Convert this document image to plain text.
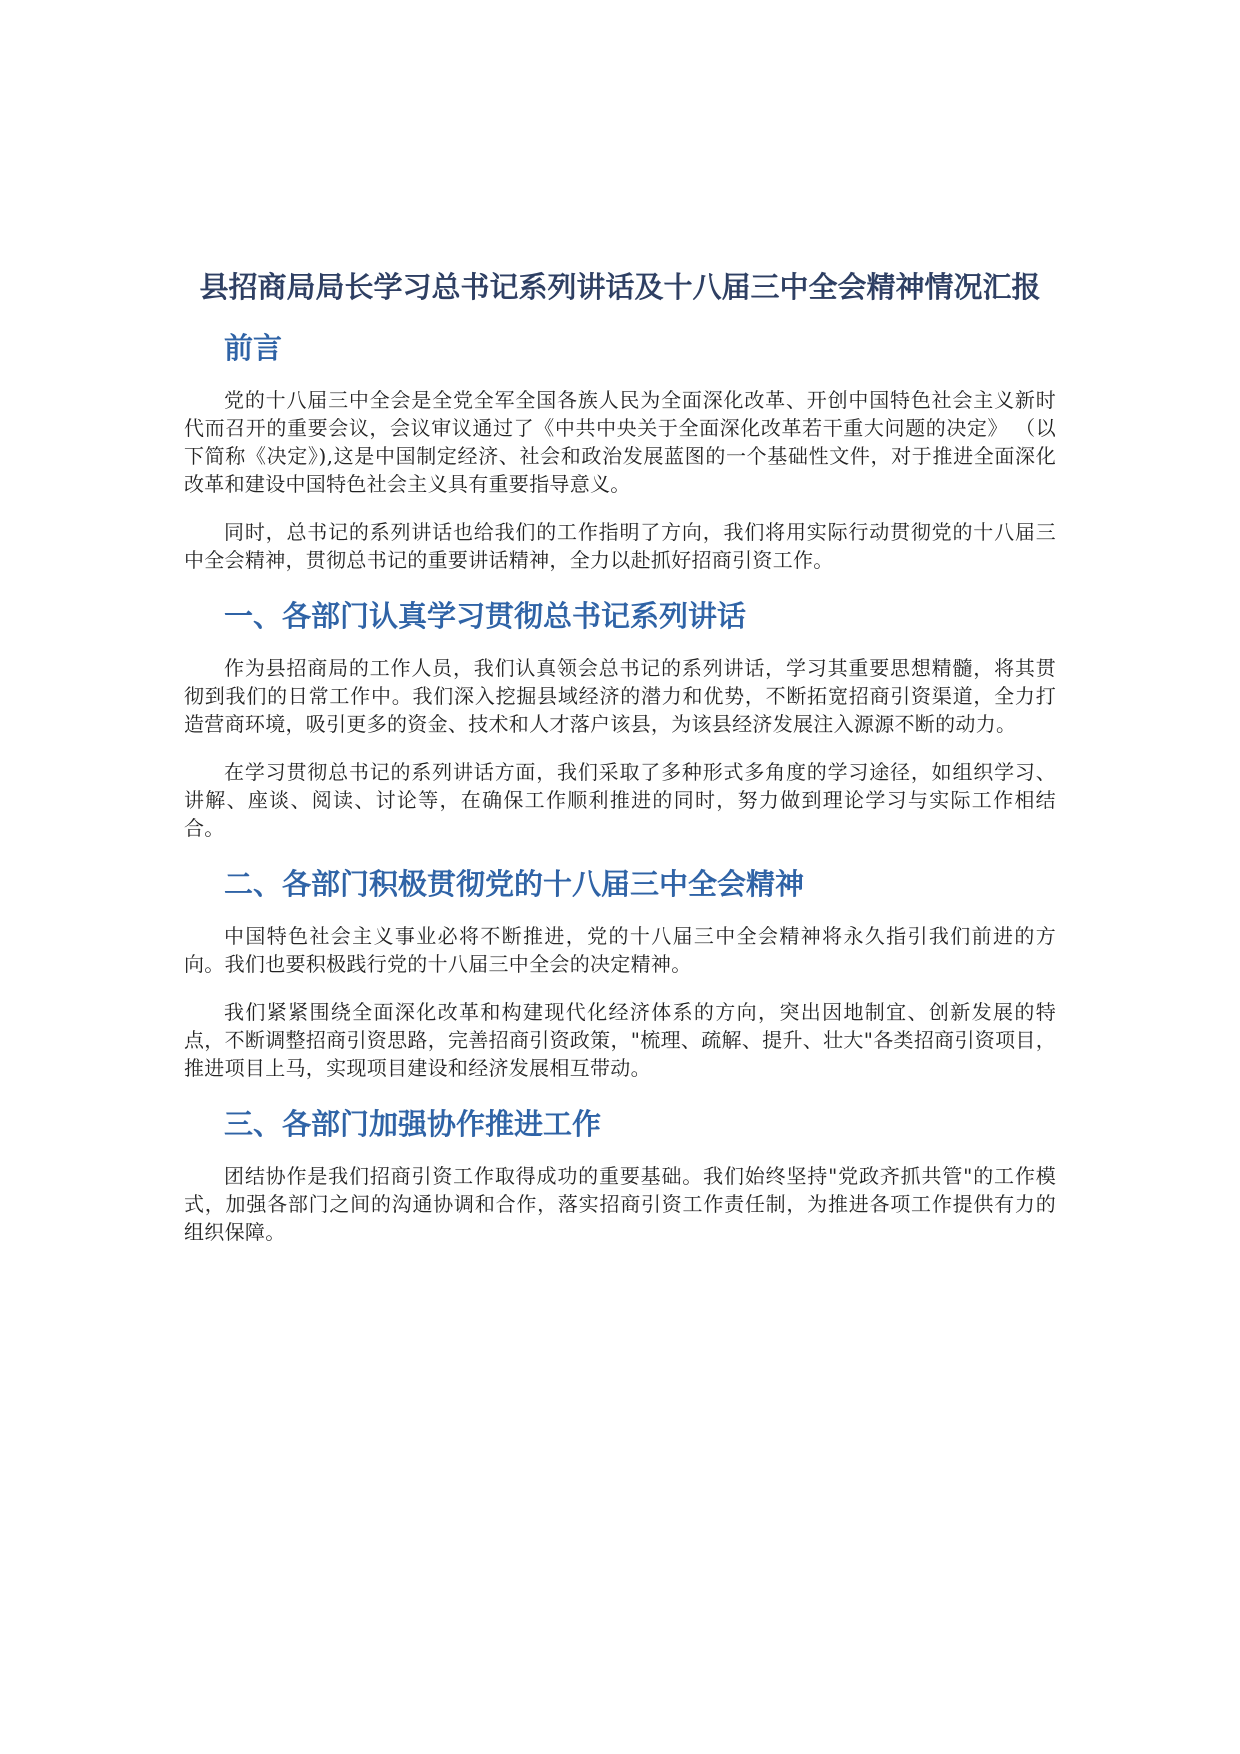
县招商局局长学习总书记系列讲话及十八届三中全会精神情况汇报
前言

党的十八届三中全会是全党全军全国各族人民为全面深化改革、开创中国特色社会主义新时代而召开的重要会议，会议审议通过了《中共中央关于全面深化改革若干重大问题的决定》 （以下简称《决定》),这是中国制定经济、社会和政治发展蓝图的一个基础性文件，对于推进全面深化改革和建设中国特色社会主义具有重要指导意义。

同时，总书记的系列讲话也给我们的工作指明了方向，我们将用实际行动贯彻党的十八届三中全会精神，贯彻总书记的重要讲话精神，全力以赴抓好招商引资工作。

一、各部门认真学习贯彻总书记系列讲话

作为县招商局的工作人员，我们认真领会总书记的系列讲话，学习其重要思想精髓，将其贯彻到我们的日常工作中。我们深入挖掘县域经济的潜力和优势，不断拓宽招商引资渠道，全力打造营商环境，吸引更多的资金、技术和人才落户该县，为该县经济发展注入源源不断的动力。

在学习贯彻总书记的系列讲话方面，我们采取了多种形式多角度的学习途径，如组织学习、讲解、座谈、阅读、讨论等，在确保工作顺利推进的同时，努力做到理论学习与实际工作相结合。

二、各部门积极贯彻党的十八届三中全会精神

中国特色社会主义事业必将不断推进，党的十八届三中全会精神将永久指引我们前进的方向。我们也要积极践行党的十八届三中全会的决定精神。

我们紧紧围绕全面深化改革和构建现代化经济体系的方向，突出因地制宜、创新发展的特点，不断调整招商引资思路，完善招商引资政策，"梳理、疏解、提升、壮大"各类招商引资项目，推进项目上马，实现项目建设和经济发展相互带动。

三、各部门加强协作推进工作

团结协作是我们招商引资工作取得成功的重要基础。我们始终坚持"党政齐抓共管"的工作模式，加强各部门之间的沟通协调和合作，落实招商引资工作责任制，为推进各项工作提供有力的组织保障。
